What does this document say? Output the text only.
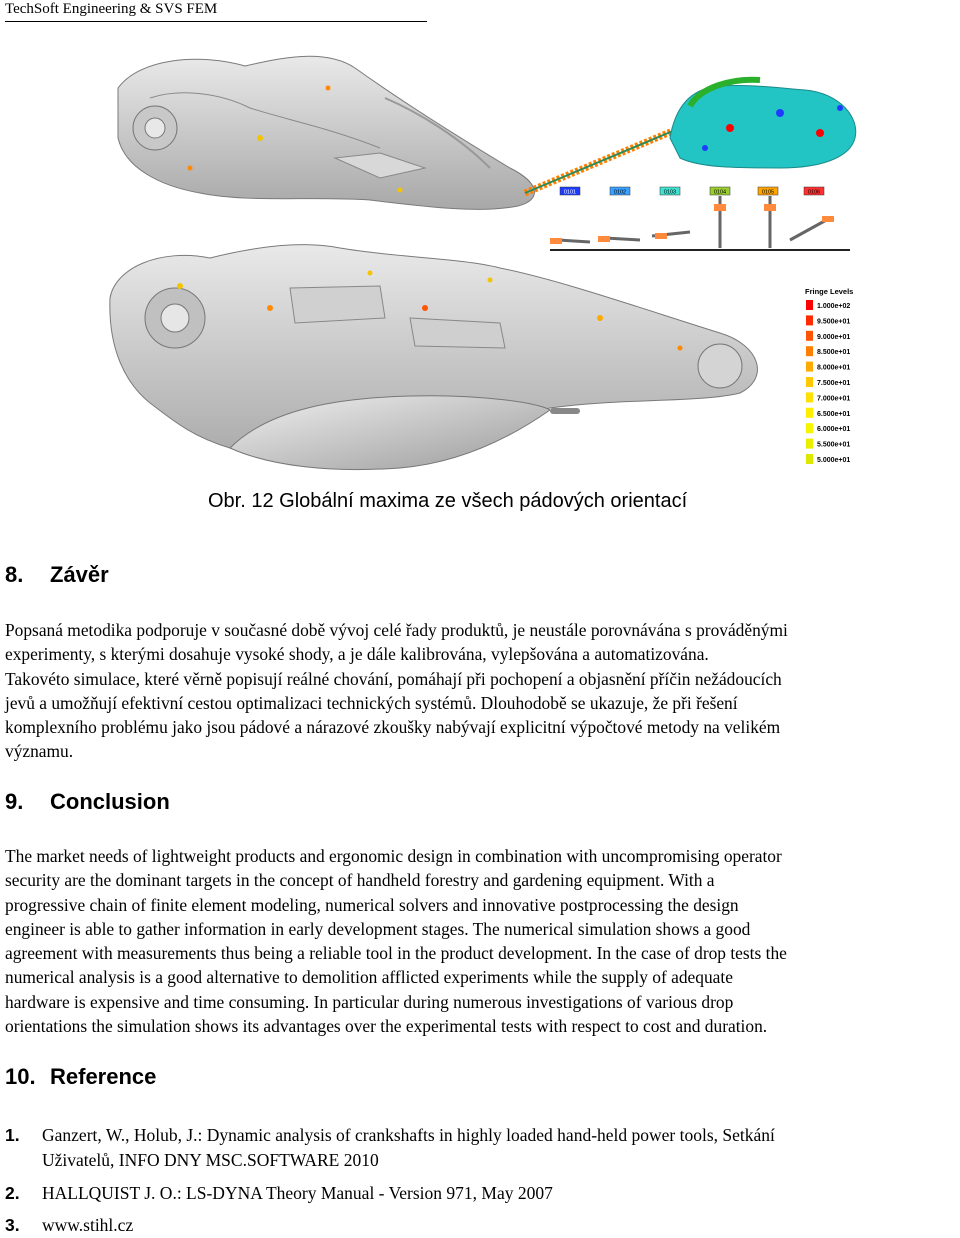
TechSoft Engineering & SVS FEM
0101	0102	0103	0104	0105	0106
Fringe Levels
1.000e+02
9.500e+01
9.000e+01
8.500e+01
8.000e+01
7.500e+01
7.000e+01
6.500e+01
6.000e+01
5.500e+01
5.000e+01
Obr. 12 Globální maxima ze všech pádových orientací
8. Závěr

Popsaná metodika podporuje v současné době vývoj celé řady produktů, je neustále porovnávána s prováděnými
experimenty, s kterými dosahuje vysoké shody, a je dále kalibrována, vylepšována a automatizována.
Takovéto simulace, které věrně popisují reálné chování, pomáhají při pochopení a objasnění příčin nežádoucích
jevů a umožňují efektivní cestou optimalizaci technických systémů. Dlouhodobě se ukazuje, že při řešení
komplexního problému jako jsou pádové a nárazové zkoušky nabývají explicitní výpočtové metody na velikém
významu.

9. Conclusion

The market needs of lightweight products and ergonomic design in combination with uncompromising operator
security are the dominant targets in the concept of handheld forestry and gardening equipment. With a
progressive chain of finite element modeling, numerical solvers and innovative postprocessing the design
engineer is able to gather information in early development stages. The numerical simulation shows a good
agreement with measurements thus being a reliable tool in the product development. In the case of drop tests the
numerical analysis is a good alternative to demolition afflicted experiments while the supply of adequate
hardware is expensive and time consuming. In particular during numerous investigations of various drop
orientations the simulation shows its advantages over the experimental tests with respect to cost and duration.

10. Reference
1. Ganzert, W., Holub, J.: Dynamic analysis of crankshafts in highly loaded hand-held power tools, Setkání
Uživatelů, INFO DNY MSC.SOFTWARE 2010
2. HALLQUIST J. O.: LS-DYNA Theory Manual - Version 971, May 2007
3. www.stihl.cz
